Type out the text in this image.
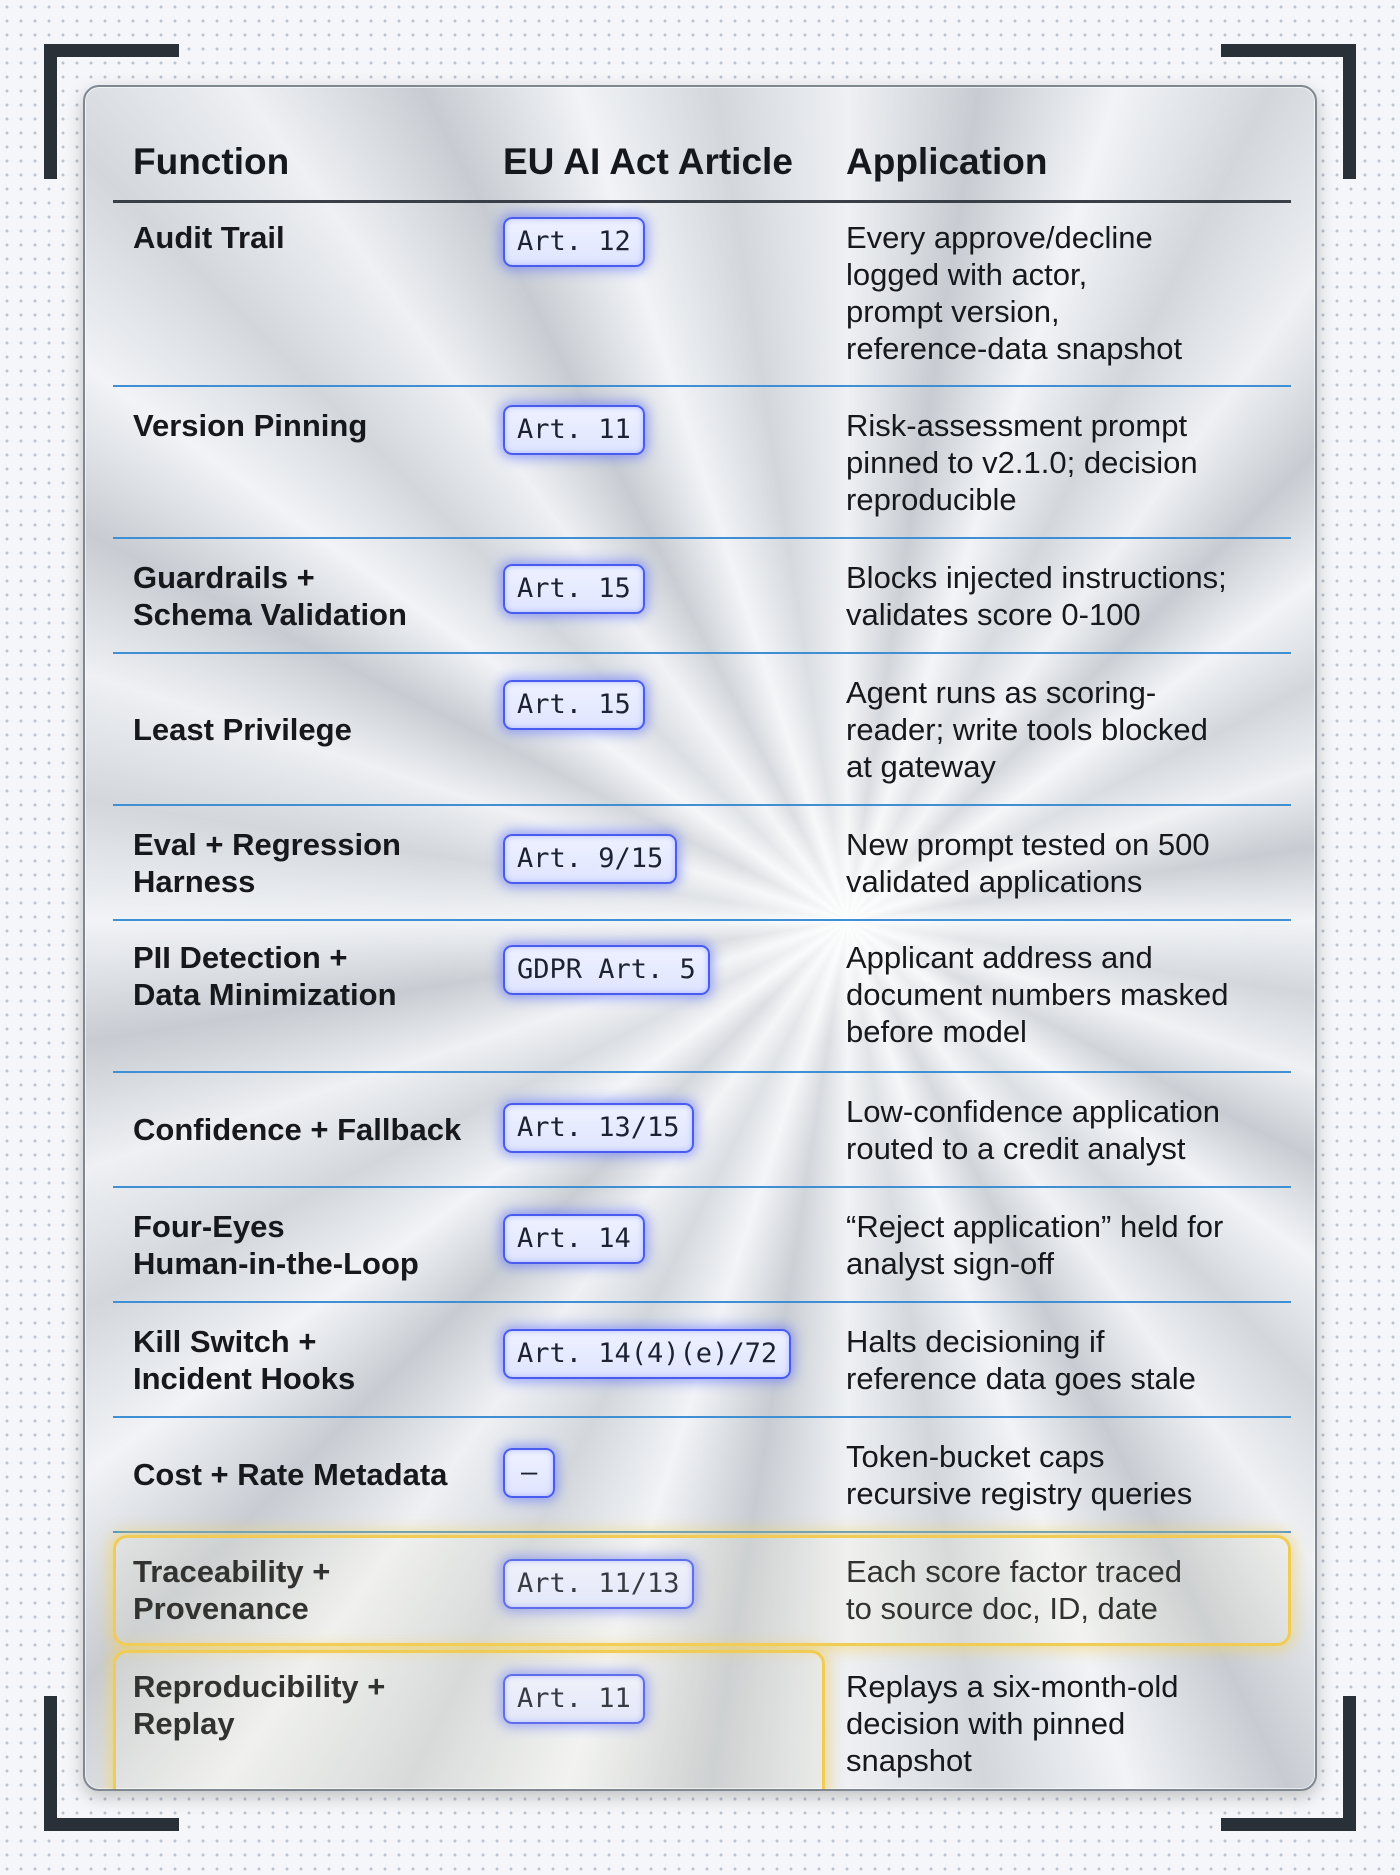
Function	EU AI Act Article	Application
Audit Trail	Art. 12	Every approve/decline
logged with actor,
prompt version,
reference-data snapshot
Version Pinning	Art. 11	Risk-assessment prompt
pinned to v2.1.0; decision
reproducible
Guardrails +
Schema Validation
Art. 15	Blocks injected instructions;
validates score 0-100
Least Privilege
Art. 15	Agent runs as scoring-
reader; write tools blocked
at gateway
Eval + Regression
Harness
Art. 9/15	New prompt tested on 500
validated applications
PII Detection +
Data Minimization
GDPR Art. 5	Applicant address and
document numbers masked
before model
Confidence + Fallback	Art. 13/15	Low-confidence application
routed to a credit analyst
Four-Eyes
Human-in-the-Loop
Art. 14	“Reject application” held for
analyst sign-off
Kill Switch +
Incident Hooks
Art. 14(4)(e)/72	Halts decisioning if
reference data goes stale
Cost + Rate Metadata	—	Token-bucket caps
recursive registry queries
Traceability +
Provenance
Art. 11/13	Each score factor traced
to source doc, ID, date
Reproducibility +
Replay
Art. 11	Replays a six-month-old
decision with pinned
snapshot
